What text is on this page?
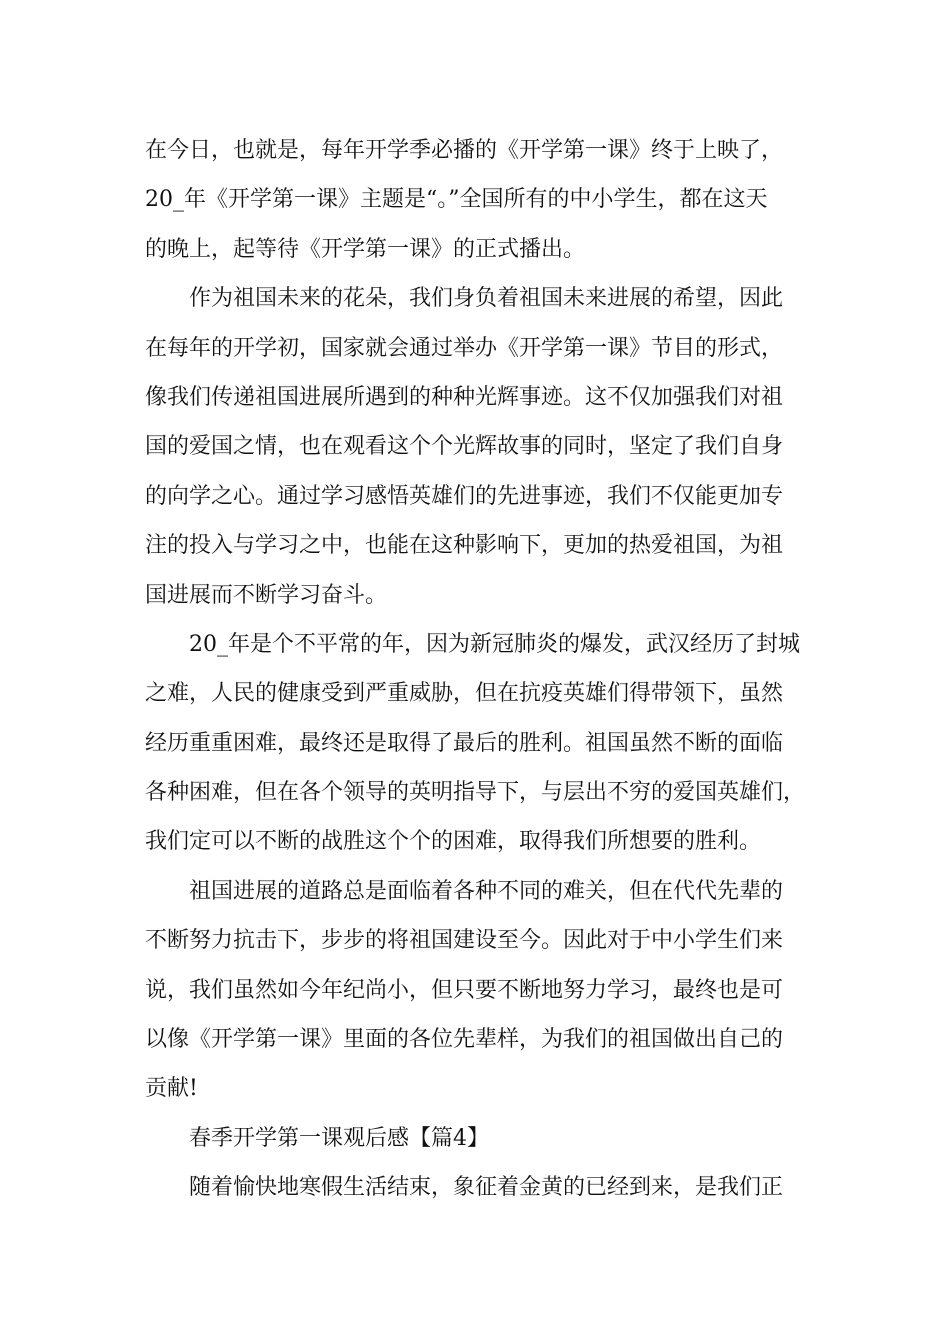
在今日，也就是，每年开学季必播的《开学第一课》终于上映了，
20_年《开学第一课》主题是“。”全国所有的中小学生，都在这天
的晚上，起等待《开学第一课》的正式播出。
作为祖国未来的花朵，我们身负着祖国未来进展的希望，因此
在每年的开学初，国家就会通过举办《开学第一课》节目的形式，
像我们传递祖国进展所遇到的种种光辉事迹。这不仅加强我们对祖
国的爱国之情，也在观看这个个光辉故事的同时，坚定了我们自身
的向学之心。通过学习感悟英雄们的先进事迹，我们不仅能更加专
注的投入与学习之中，也能在这种影响下，更加的热爱祖国，为祖
国进展而不断学习奋斗。
20_年是个不平常的年，因为新冠肺炎的爆发，武汉经历了封城
之难，人民的健康受到严重威胁，但在抗疫英雄们得带领下，虽然
经历重重困难，最终还是取得了最后的胜利。祖国虽然不断的面临
各种困难，但在各个领导的英明指导下，与层出不穷的爱国英雄们，
我们定可以不断的战胜这个个的困难，取得我们所想要的胜利。
祖国进展的道路总是面临着各种不同的难关，但在代代先辈的
不断努力抗击下，步步的将祖国建设至今。因此对于中小学生们来
说，我们虽然如今年纪尚小，但只要不断地努力学习，最终也是可
以像《开学第一课》里面的各位先辈样，为我们的祖国做出自己的
贡献!
春季开学第一课观后感【篇4】
随着愉快地寒假生活结束，象征着金黄的已经到来，是我们正
